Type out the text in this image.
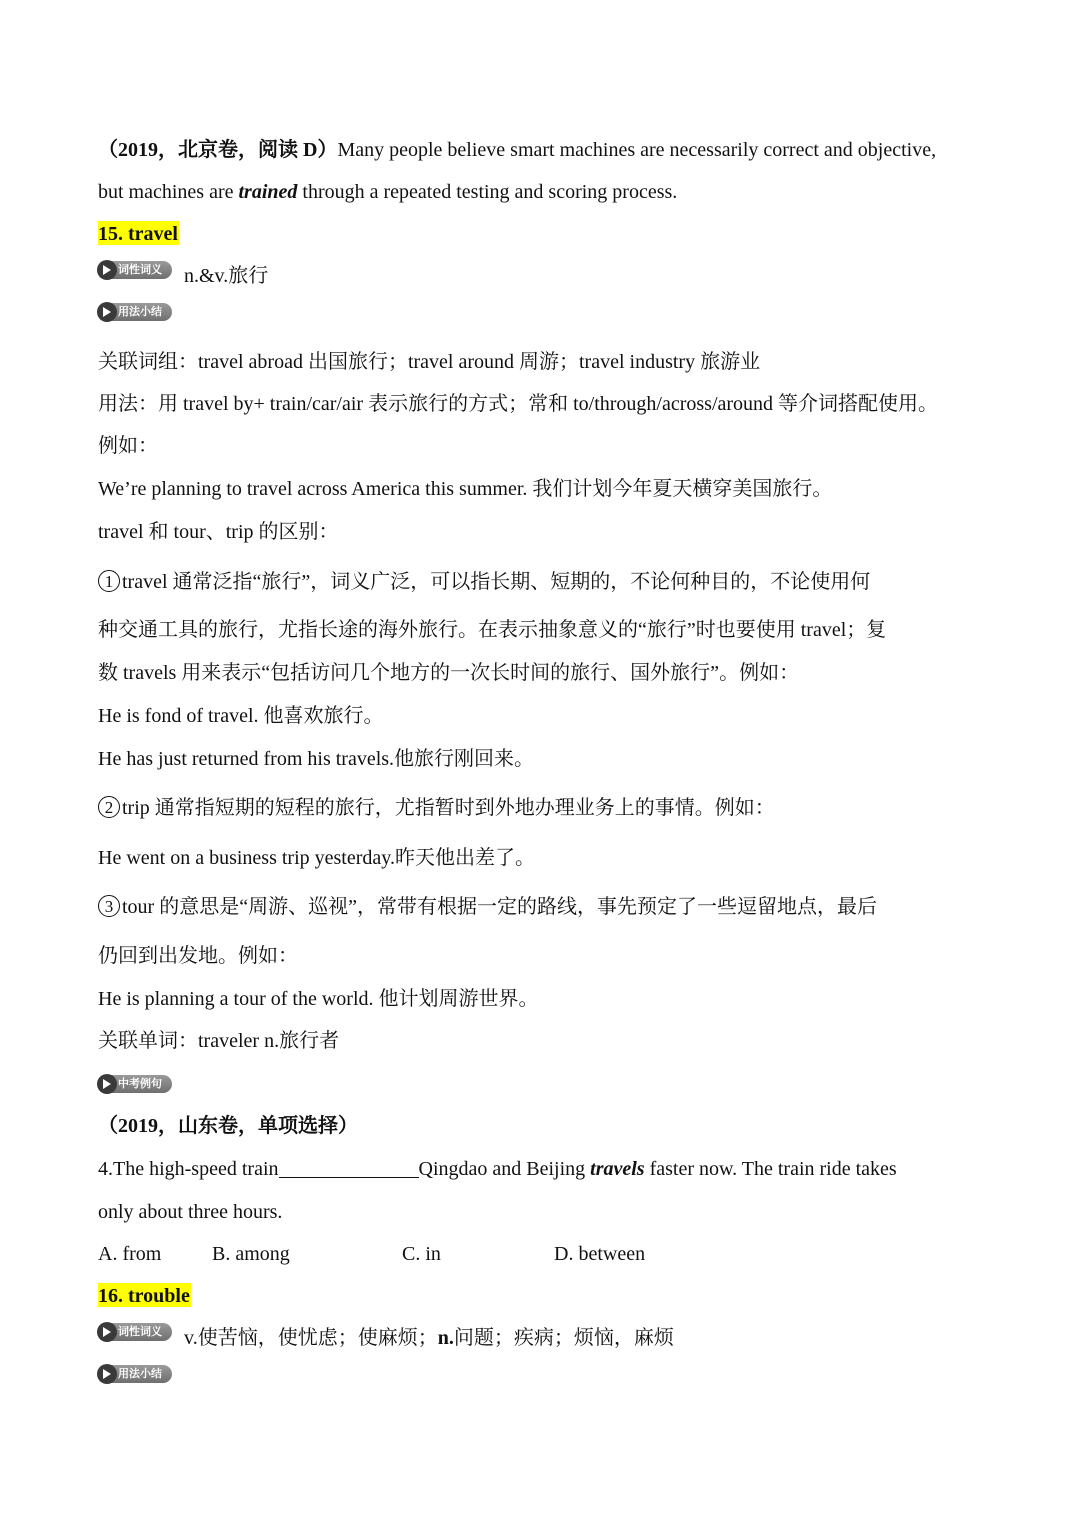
（2019，北京卷，阅读 D）Many people believe smart machines are necessarily correct and objective,
but machines are trained through a repeated testing and scoring process.
15. travel
词性词义	n.&v.旅行
用法小结
关联词组：travel abroad 出国旅行；travel around 周游；travel industry 旅游业
用法：用 travel by+ train/car/air 表示旅行的方式；常和 to/through/across/around 等介词搭配使用。
例如：
We’re planning to travel across America this summer. 我们计划今年夏天横穿美国旅行。
travel 和 tour、trip 的区别：
1 travel 通常泛指“旅行”，词义广泛，可以指长期、短期的，不论何种目的，不论使用何
种交通工具的旅行，尤指长途的海外旅行。在表示抽象意义的“旅行”时也要使用 travel；复
数 travels 用来表示“包括访问几个地方的一次长时间的旅行、国外旅行”。例如：
He is fond of travel. 他喜欢旅行。
He has just returned from his travels.他旅行刚回来。
2 trip 通常指短期的短程的旅行，尤指暂时到外地办理业务上的事情。例如：
He went on a business trip yesterday.昨天他出差了。
3 tour 的意思是“周游、巡视”，常带有根据一定的路线，事先预定了一些逗留地点，最后
仍回到出发地。例如：
He is planning a tour of the world. 他计划周游世界。
关联单词：traveler n.旅行者
中考例句
（2019，山东卷，单项选择）
4.The high-speed train	Qingdao and Beijing travels faster now. The train ride takes
only about three hours.
A. from	B. among	C. in	D. between
16. trouble
词性词义	v.使苦恼，使忧虑；使麻烦；n.问题；疾病；烦恼，麻烦
用法小结
